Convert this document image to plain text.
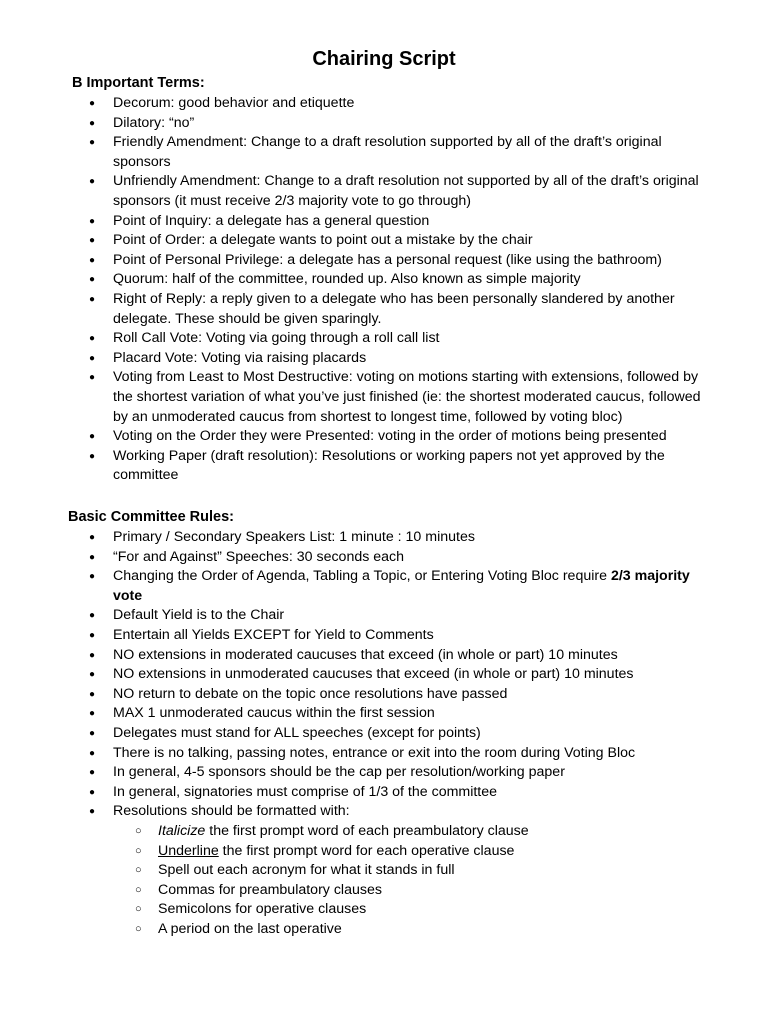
Chairing Script
B Important Terms:
● Decorum: good behavior and etiquette
● Dilatory: “no”
● Friendly Amendment: Change to a draft resolution supported by all of the draft’s original sponsors
● Unfriendly Amendment: Change to a draft resolution not supported by all of the draft’s original sponsors (it must receive 2/3 majority vote to go through)
● Point of Inquiry: a delegate has a general question
● Point of Order: a delegate wants to point out a mistake by the chair
● Point of Personal Privilege: a delegate has a personal request (like using the bathroom)
● Quorum: half of the committee, rounded up. Also known as simple majority
● Right of Reply: a reply given to a delegate who has been personally slandered by another delegate. These should be given sparingly.
● Roll Call Vote: Voting via going through a roll call list
● Placard Vote: Voting via raising placards
● Voting from Least to Most Destructive: voting on motions starting with extensions, followed by the shortest variation of what you’ve just finished (ie: the shortest moderated caucus, followed by an unmoderated caucus from shortest to longest time, followed by voting bloc)
● Voting on the Order they were Presented: voting in the order of motions being presented
● Working Paper (draft resolution): Resolutions or working papers not yet approved by the committee
Basic Committee Rules:
● Primary / Secondary Speakers List: 1 minute : 10 minutes
● “For and Against” Speeches: 30 seconds each
● Changing the Order of Agenda, Tabling a Topic, or Entering Voting Bloc require 2/3 majority vote
● Default Yield is to the Chair
● Entertain all Yields EXCEPT for Yield to Comments
● NO extensions in moderated caucuses that exceed (in whole or part) 10 minutes
● NO extensions in unmoderated caucuses that exceed (in whole or part) 10 minutes
● NO return to debate on the topic once resolutions have passed
● MAX 1 unmoderated caucus within the first session
● Delegates must stand for ALL speeches (except for points)
● There is no talking, passing notes, entrance or exit into the room during Voting Bloc
● In general, 4-5 sponsors should be the cap per resolution/working paper
● In general, signatories must comprise of 1/3 of the committee
● Resolutions should be formatted with:
○ Italicize the first prompt word of each preambulatory clause
○ Underline the first prompt word for each operative clause
○ Spell out each acronym for what it stands in full
○ Commas for preambulatory clauses
○ Semicolons for operative clauses
○ A period on the last operative
